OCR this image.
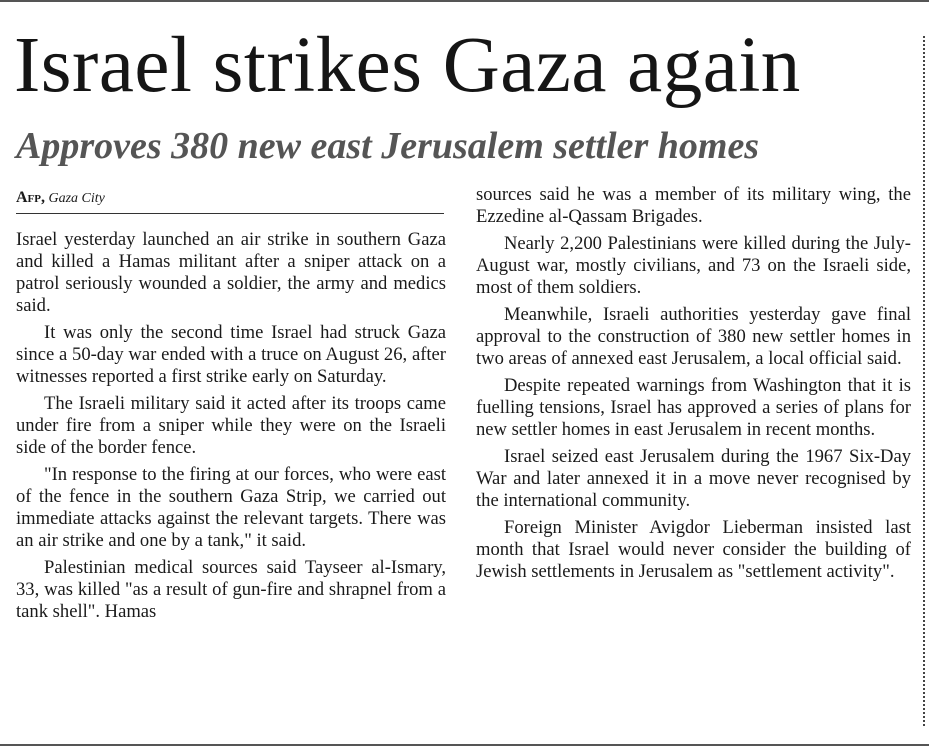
Israel strikes Gaza again
Approves 380 new east Jerusalem settler homes
Afp, Gaza City

Israel yesterday launched an air strike in southern Gaza and killed a Hamas militant after a sniper attack on a patrol seriously wounded a soldier, the army and medics said.

It was only the second time Israel had struck Gaza since a 50-day war ended with a truce on August 26, after witnesses reported a first strike early on Saturday.

The Israeli military said it acted after its troops came under fire from a sniper while they were on the Israeli side of the border fence.

"In response to the firing at our forces, who were east of the fence in the southern Gaza Strip, we carried out immediate attacks against the relevant targets. There was an air strike and one by a tank," it said.

Palestinian medical sources said Tayseer al-Ismary, 33, was killed "as a result of gun-fire and shrapnel from a tank shell". Hamas

sources said he was a member of its military wing, the Ezzedine al-Qassam Brigades.

Nearly 2,200 Palestinians were killed during the July-August war, mostly civilians, and 73 on the Israeli side, most of them soldiers.

Meanwhile, Israeli authorities yesterday gave final approval to the construction of 380 new settler homes in two areas of annexed east Jerusalem, a local official said.

Despite repeated warnings from Washington that it is fuelling tensions, Israel has approved a series of plans for new settler homes in east Jerusalem in recent months.

Israel seized east Jerusalem during the 1967 Six-Day War and later annexed it in a move never recognised by the international community.

Foreign Minister Avigdor Lieberman insisted last month that Israel would never consider the building of Jewish settlements in Jerusalem as "settlement activity".
